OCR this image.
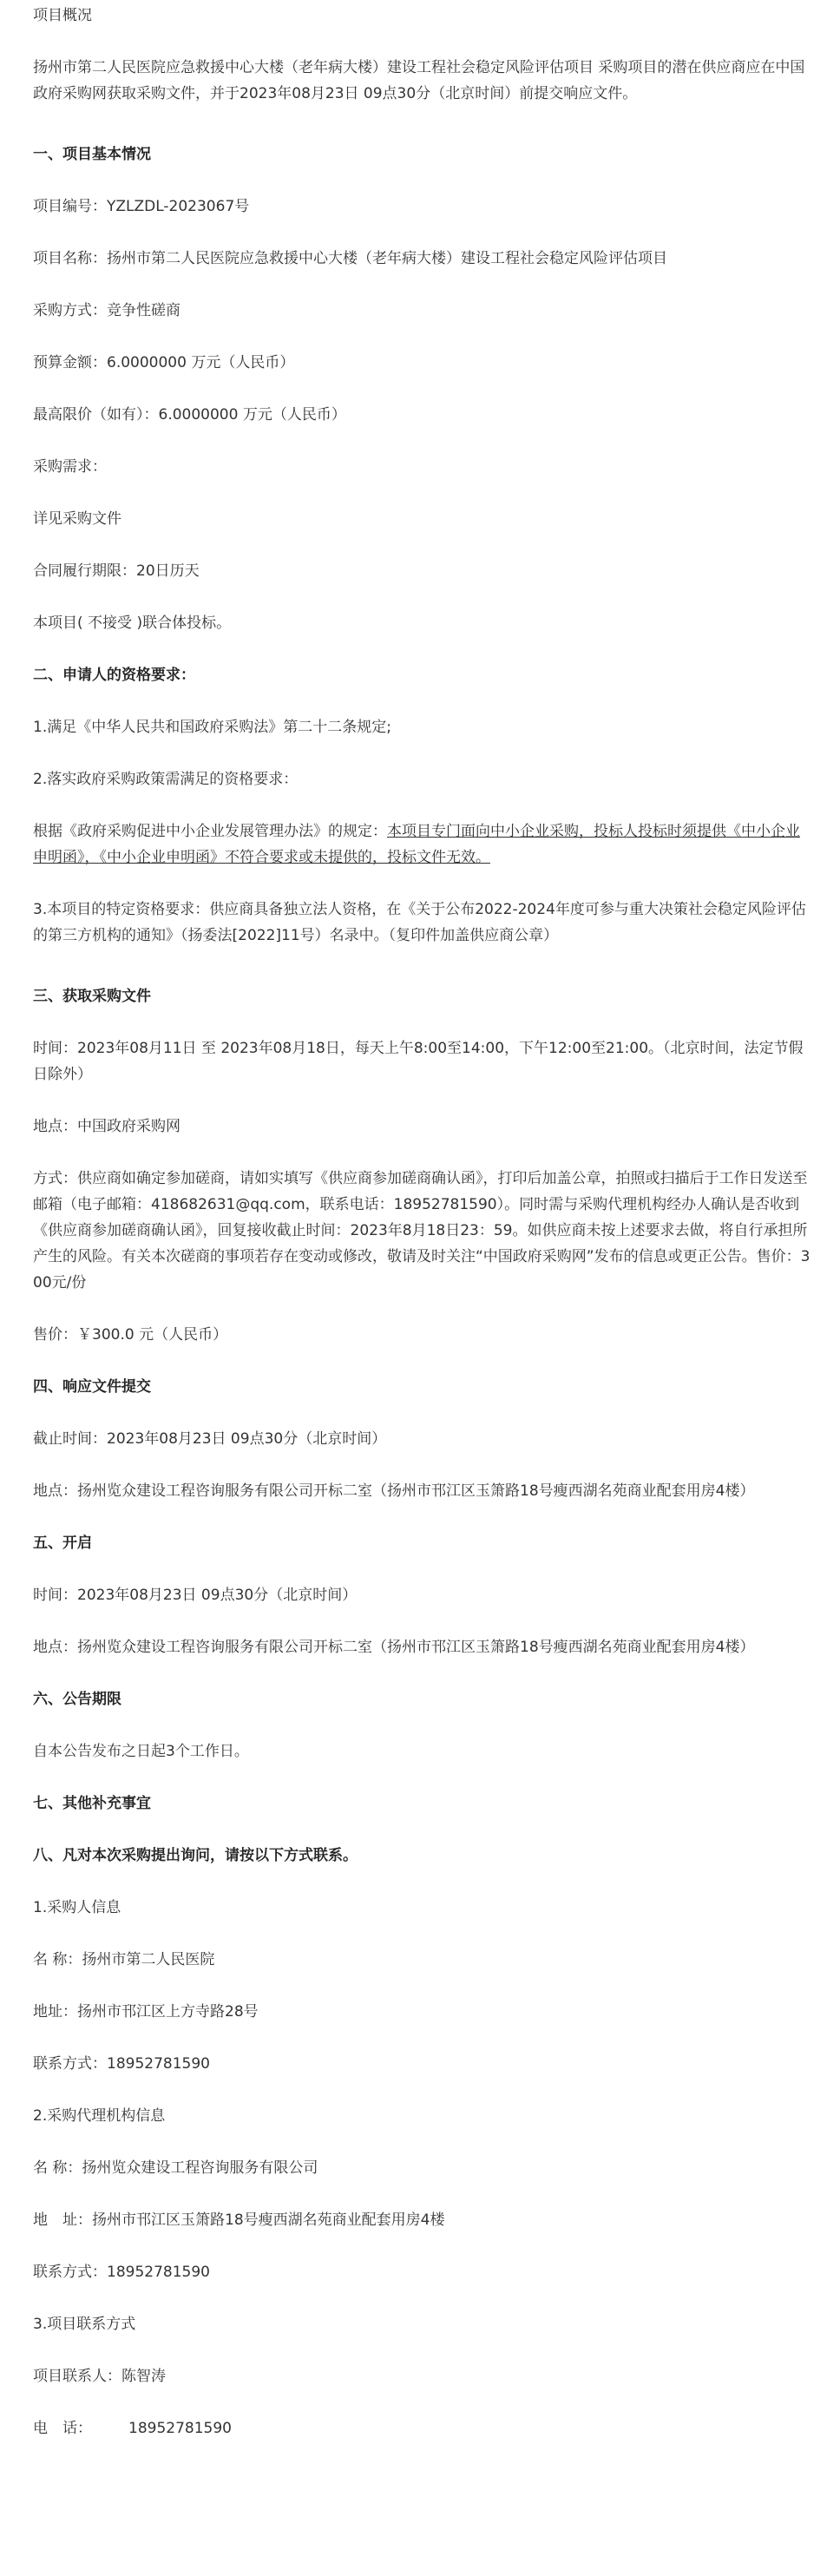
项目概况

扬州市第二人民医院应急救援中心大楼（老年病大楼）建设工程社会稳定风险评估项目 采购项目的潜在供应商应在中国政府采购网获取采购文件，并于2023年08月23日 09点30分（北京时间）前提交响应文件。

一、项目基本情况

项目编号：YZLZDL-2023067号

项目名称：扬州市第二人民医院应急救援中心大楼（老年病大楼）建设工程社会稳定风险评估项目

采购方式：竞争性磋商

预算金额：6.0000000 万元（人民币）

最高限价（如有）：6.0000000 万元（人民币）

采购需求：

详见采购文件

合同履行期限：20日历天

本项目( 不接受 )联合体投标。

二、申请人的资格要求：

1.满足《中华人民共和国政府采购法》第二十二条规定;

2.落实政府采购政策需满足的资格要求：

根据《政府采购促进中小企业发展管理办法》的规定：本项目专门面向中小企业采购，投标人投标时须提供《中小企业申明函》，《中小企业申明函》不符合要求或未提供的，投标文件无效。

3.本项目的特定资格要求：供应商具备独立法人资格，在《关于公布2022-2024年度可参与重大决策社会稳定风险评估的第三方机构的通知》（扬委法[2022]11号）名录中。（复印件加盖供应商公章）

三、获取采购文件

时间：2023年08月11日 至 2023年08月18日，每天上午8:00至14:00，下午12:00至21:00。（北京时间，法定节假日除外）

地点：中国政府采购网

方式：供应商如确定参加磋商，请如实填写《供应商参加磋商确认函》，打印后加盖公章，拍照或扫描后于工作日发送至邮箱（电子邮箱：418682631@qq.com，联系电话：18952781590）。同时需与采购代理机构经办人确认是否收到《供应商参加磋商确认函》，回复接收截止时间：2023年8月18日23：59。如供应商未按上述要求去做，将自行承担所产生的风险。有关本次磋商的事项若存在变动或修改，敬请及时关注“中国政府采购网”发布的信息或更正公告。售价：300元/份

售价：￥300.0 元（人民币）

四、响应文件提交

截止时间：2023年08月23日 09点30分（北京时间）

地点：扬州览众建设工程咨询服务有限公司开标二室（扬州市邗江区玉箫路18号瘦西湖名苑商业配套用房4楼）

五、开启

时间：2023年08月23日 09点30分（北京时间）

地点：扬州览众建设工程咨询服务有限公司开标二室（扬州市邗江区玉箫路18号瘦西湖名苑商业配套用房4楼）

六、公告期限

自本公告发布之日起3个工作日。

七、其他补充事宜

八、凡对本次采购提出询问，请按以下方式联系。

1.采购人信息

名 称：扬州市第二人民医院

地址：扬州市邗江区上方寺路28号

联系方式：18952781590

2.采购代理机构信息

名 称：扬州览众建设工程咨询服务有限公司

地　址：扬州市邗江区玉箫路18号瘦西湖名苑商业配套用房4楼

联系方式：18952781590

3.项目联系方式

项目联系人：陈智涛

电　话： 18952781590
